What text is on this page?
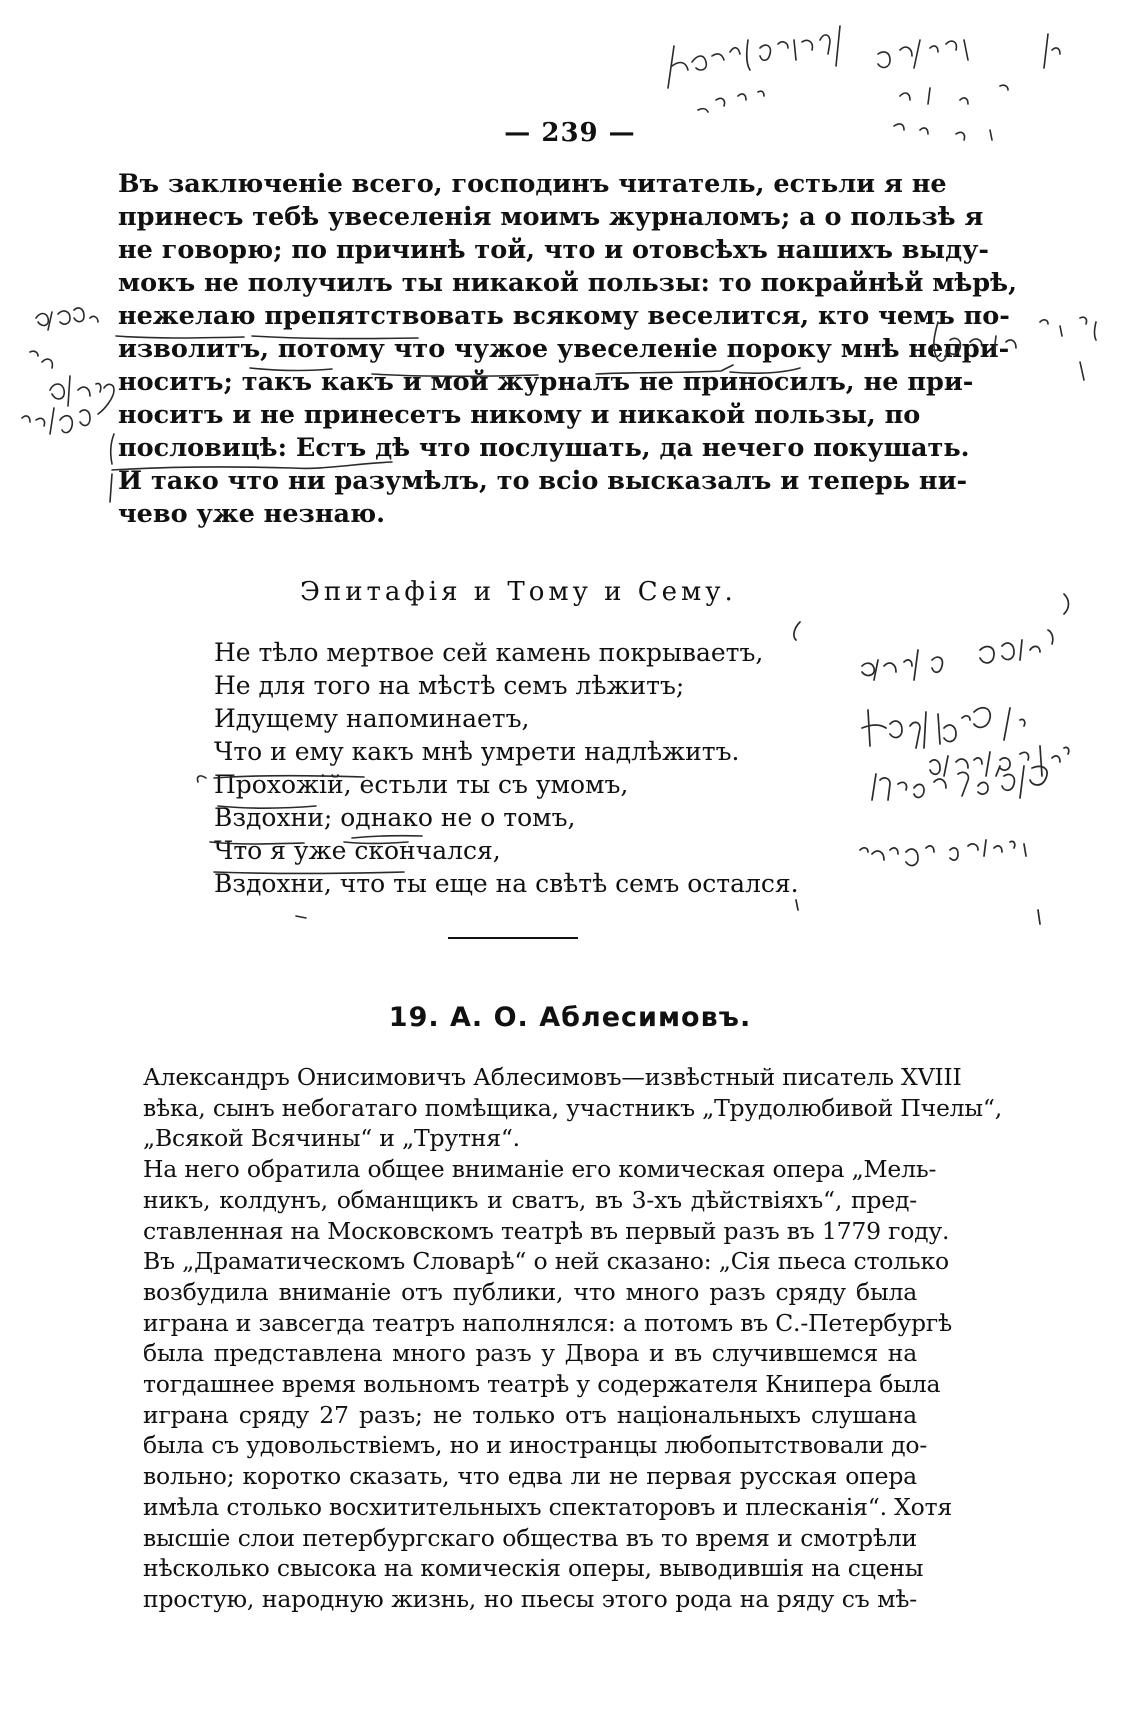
— 239 —
Въ заключеніе всего, господинъ читатель, естьли я не
принесъ тебѣ увеселенія моимъ журналомъ; а о пользѣ я
не говорю; по причинѣ той, что и отовсѣхъ нашихъ выду-
мокъ не получилъ ты никакой пользы: то покрайнѣй мѣрѣ,
нежелаю препятствовать всякому веселится, кто чемъ по-
изволитъ, потому что чужое увеселеніе пороку мнѣ непри-
носитъ; такъ какъ и мой журналъ не приносилъ, не при-
носитъ и не принесетъ никому и никакой пользы, по
пословицѣ: Естъ дѣ что послушать, да нечего покушать.
И тако что ни разумѣлъ, то всіо высказалъ и теперь ни-
чево уже незнаю.
Эпитафія и Тому и Сему.
Не тѣло мертвое сей камень покрываетъ,
Не для того на мѣстѣ семъ лѣжитъ;
Идущему напоминаетъ,
Что и ему какъ мнѣ умрети надлѣжитъ.
Прохожій, естьли ты съ умомъ,
Вздохни; однако не о томъ,
Что я уже скончался,
Вздохни, что ты еще на свѣтѣ семъ остался.
19. А. О. Аблесимовъ.
Александръ Онисимовичъ Аблесимовъ—извѣстный писатель XVIII
вѣка, сынъ небогатаго помѣщика, участникъ „Трудолюбивой Пчелы“,
„Всякой Всячины“ и „Трутня“.
На него обратила общее вниманіе его комическая опера „Мель-
никъ, колдунъ, обманщикъ и сватъ, въ 3-хъ дѣйствіяхъ“, пред-
ставленная на Московскомъ театрѣ въ первый разъ въ 1779 году.
Въ „Драматическомъ Словарѣ“ о ней сказано: „Сія пьеса столько
возбудила вниманіе отъ публики, что много разъ сряду была
играна и завсегда театръ наполнялся: а потомъ въ С.-Петербургѣ
была представлена много разъ у Двора и въ случившемся на
тогдашнее время вольномъ театрѣ у содержателя Книпера была
играна сряду 27 разъ; не только отъ національныхъ слушана
была съ удовольствіемъ, но и иностранцы любопытствовали до-
вольно; коротко сказать, что едва ли не первая русская опера
имѣла столько восхитительныхъ спектаторовъ и плесканія“. Хотя
высшіе слои петербургскаго общества въ то время и смотрѣли
нѣсколько свысока на комическія оперы, выводившія на сцены
простую, народную жизнь, но пьесы этого рода на ряду съ мѣ-
